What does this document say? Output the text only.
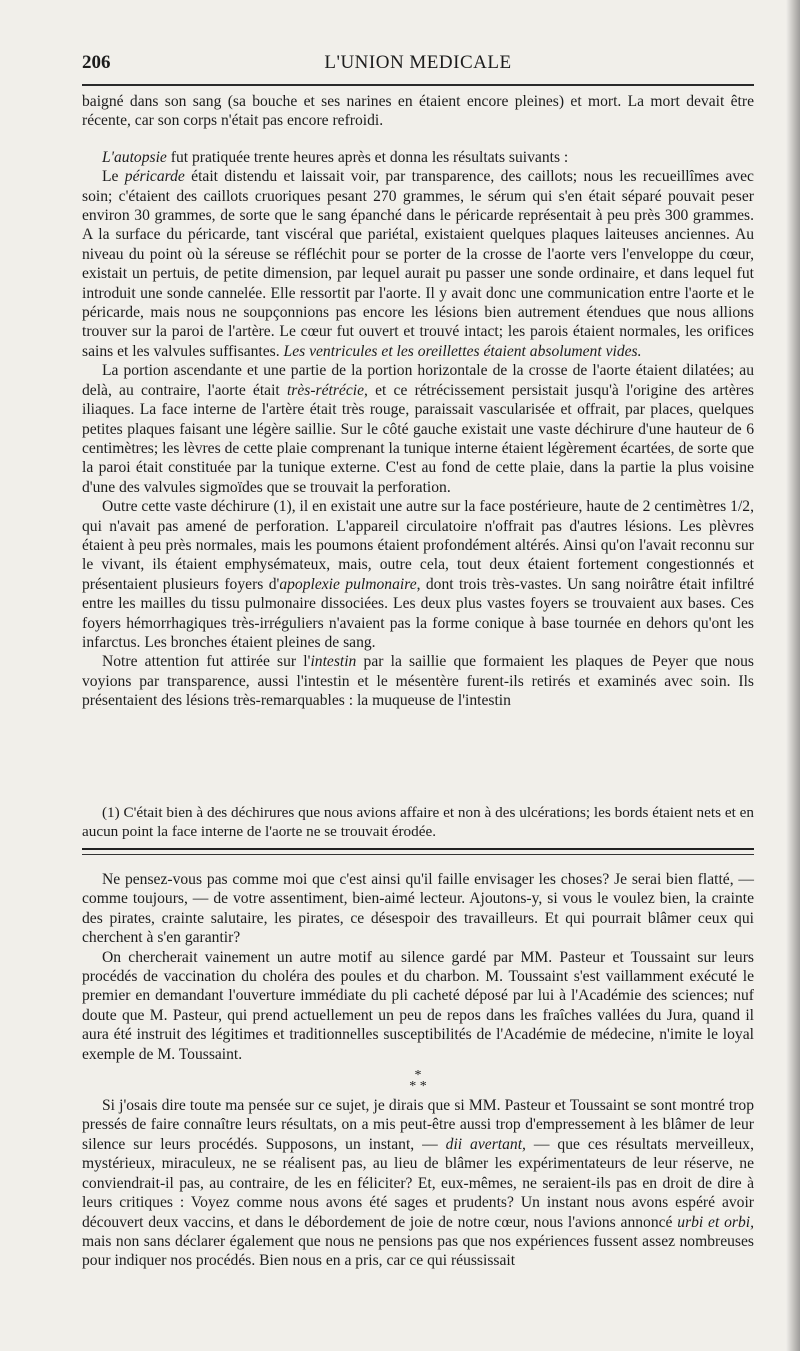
206	L'UNION MEDICALE

baigné dans son sang (sa bouche et ses narines en étaient encore pleines) et mort. La mort devait être récente, car son corps n'était pas encore refroidi.

L'autopsie fut pratiquée trente heures après et donna les résultats suivants :

Le péricarde était distendu et laissait voir, par transparence, des caillots; nous les recueillîmes avec soin; c'étaient des caillots cruoriques pesant 270 grammes, le sérum qui s'en était séparé pouvait peser environ 30 grammes, de sorte que le sang épanché dans le péricarde représentait à peu près 300 grammes. A la surface du péricarde, tant viscéral que pariétal, existaient quelques plaques laiteuses anciennes. Au niveau du point où la séreuse se réfléchit pour se porter de la crosse de l'aorte vers l'enveloppe du cœur, existait un pertuis, de petite dimension, par lequel aurait pu passer une sonde ordinaire, et dans lequel fut introduit une sonde cannelée. Elle ressortit par l'aorte. Il y avait donc une communication entre l'aorte et le péricarde, mais nous ne soupçonnions pas encore les lésions bien autrement étendues que nous allions trouver sur la paroi de l'artère. Le cœur fut ouvert et trouvé intact; les parois étaient normales, les orifices sains et les valvules suffisantes. Les ventricules et les oreillettes étaient absolument vides.

La portion ascendante et une partie de la portion horizontale de la crosse de l'aorte étaient dilatées; au delà, au contraire, l'aorte était très-rétrécie, et ce rétrécissement persistait jusqu'à l'origine des artères iliaques. La face interne de l'artère était très rouge, paraissait vascularisée et offrait, par places, quelques petites plaques faisant une légère saillie. Sur le côté gauche existait une vaste déchirure d'une hauteur de 6 centimètres; les lèvres de cette plaie comprenant la tunique interne étaient légèrement écartées, de sorte que la paroi était constituée par la tunique externe. C'est au fond de cette plaie, dans la partie la plus voisine d'une des valvules sigmoïdes que se trouvait la perforation.

Outre cette vaste déchirure (1), il en existait une autre sur la face postérieure, haute de 2 centimètres 1/2, qui n'avait pas amené de perforation. L'appareil circulatoire n'offrait pas d'autres lésions. Les plèvres étaient à peu près normales, mais les poumons étaient profondément altérés. Ainsi qu'on l'avait reconnu sur le vivant, ils étaient emphysémateux, mais, outre cela, tout deux étaient fortement congestionnés et présentaient plusieurs foyers d'apoplexie pulmonaire, dont trois très-vastes. Un sang noirâtre était infiltré entre les mailles du tissu pulmonaire dissociées. Les deux plus vastes foyers se trouvaient aux bases. Ces foyers hémorrhagiques très-irréguliers n'avaient pas la forme conique à base tournée en dehors qu'ont les infarctus. Les bronches étaient pleines de sang.

Notre attention fut attirée sur l'intestin par la saillie que formaient les plaques de Peyer que nous voyions par transparence, aussi l'intestin et le mésentère furent-ils retirés et examinés avec soin. Ils présentaient des lésions très-remarquables : la muqueuse de l'intestin

(1) C'était bien à des déchirures que nous avions affaire et non à des ulcérations; les bords étaient nets et en aucun point la face interne de l'aorte ne se trouvait érodée.

Ne pensez-vous pas comme moi que c'est ainsi qu'il faille envisager les choses? Je serai bien flatté, — comme toujours, — de votre assentiment, bien-aimé lecteur. Ajoutons-y, si vous le voulez bien, la crainte des pirates, crainte salutaire, les pirates, ce désespoir des travailleurs. Et qui pourrait blâmer ceux qui cherchent à s'en garantir?

On chercherait vainement un autre motif au silence gardé par MM. Pasteur et Toussaint sur leurs procédés de vaccination du choléra des poules et du charbon. M. Toussaint s'est vaillamment exécuté le premier en demandant l'ouverture immédiate du pli cacheté déposé par lui à l'Académie des sciences; nuf doute que M. Pasteur, qui prend actuellement un peu de repos dans les fraîches vallées du Jura, quand il aura été instruit des légitimes et traditionnelles susceptibilités de l'Académie de médecine, n'imite le loyal exemple de M. Toussaint.

*
* *

Si j'osais dire toute ma pensée sur ce sujet, je dirais que si MM. Pasteur et Toussaint se sont montré trop pressés de faire connaître leurs résultats, on a mis peut-être aussi trop d'empressement à les blâmer de leur silence sur leurs procédés. Supposons, un instant, — dii avertant, — que ces résultats merveilleux, mystérieux, miraculeux, ne se réalisent pas, au lieu de blâmer les expérimentateurs de leur réserve, ne conviendrait-il pas, au contraire, de les en féliciter? Et, eux-mêmes, ne seraient-ils pas en droit de dire à leurs critiques : Voyez comme nous avons été sages et prudents? Un instant nous avons espéré avoir découvert deux vaccins, et dans le débordement de joie de notre cœur, nous l'avions annoncé urbi et orbi, mais non sans déclarer également que nous ne pensions pas que nos expériences fussent assez nombreuses pour indiquer nos procédés. Bien nous en a pris, car ce qui réussissait
